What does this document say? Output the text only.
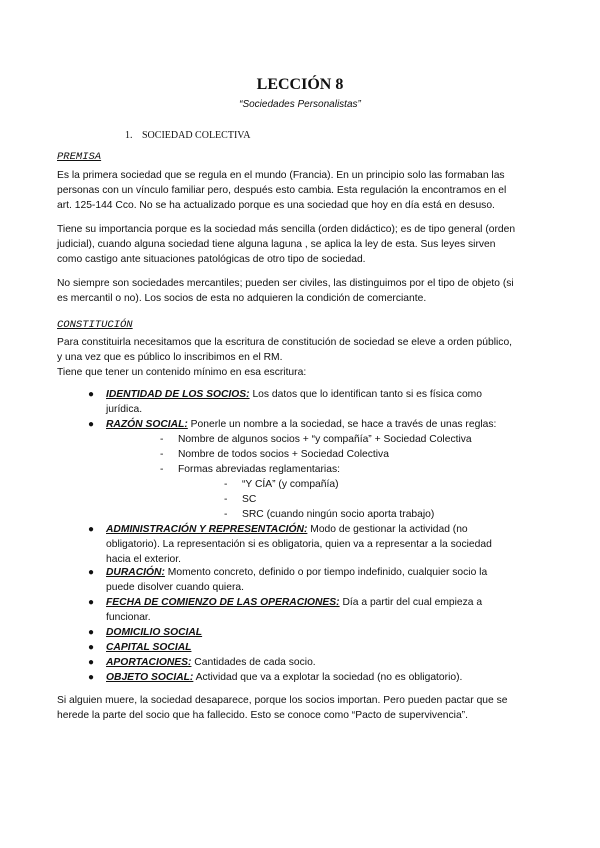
LECCIÓN 8
“Sociedades Personalistas”
1. SOCIEDAD COLECTIVA
PREMISA
Es la primera sociedad que se regula en el mundo (Francia). En un principio solo las formaban las
personas con un vínculo familiar pero, después esto cambia. Esta regulación la encontramos en el
art. 125-144 Cco. No se ha actualizado porque es una sociedad que hoy en día está en desuso.
Tiene su importancia porque es la sociedad más sencilla (orden didáctico); es de tipo general (orden
judicial), cuando alguna sociedad tiene alguna laguna , se aplica la ley de esta. Sus leyes sirven
como castigo ante situaciones patológicas de otro tipo de sociedad.
No siempre son sociedades mercantiles; pueden ser civiles, las distinguimos por el tipo de objeto (si
es mercantil o no). Los socios de esta no adquieren la condición de comerciante.
CONSTITUCIÓN
Para constituirla necesitamos que la escritura de constitución de sociedad se eleve a orden público,
y una vez que es público lo inscribimos en el RM.
Tiene que tener un contenido mínimo en esa escritura:
● IDENTIDAD DE LOS SOCIOS: Los datos que lo identifican tanto si es física como
jurídica.
● RAZÓN SOCIAL: Ponerle un nombre a la sociedad, se hace a través de unas reglas:
- Nombre de algunos socios + “y compañía” + Sociedad Colectiva
- Nombre de todos socios + Sociedad Colectiva
- Formas abreviadas reglamentarias:
- “Y CÍA” (y compañía)
- SC
- SRC (cuando ningún socio aporta trabajo)
● ADMINISTRACIÓN Y REPRESENTACIÓN: Modo de gestionar la actividad (no
obligatorio). La representación si es obligatoria, quien va a representar a la sociedad
hacia el exterior.
● DURACIÓN: Momento concreto, definido o por tiempo indefinido, cualquier socio la
puede disolver cuando quiera.
● FECHA DE COMIENZO DE LAS OPERACIONES: Día a partir del cual empieza a
funcionar.
● DOMICILIO SOCIAL
● CAPITAL SOCIAL
● APORTACIONES: Cantidades de cada socio.
● OBJETO SOCIAL: Actividad que va a explotar la sociedad (no es obligatorio).
Si alguien muere, la sociedad desaparece, porque los socios importan. Pero pueden pactar que se
herede la parte del socio que ha fallecido. Esto se conoce como “Pacto de supervivencia”.
